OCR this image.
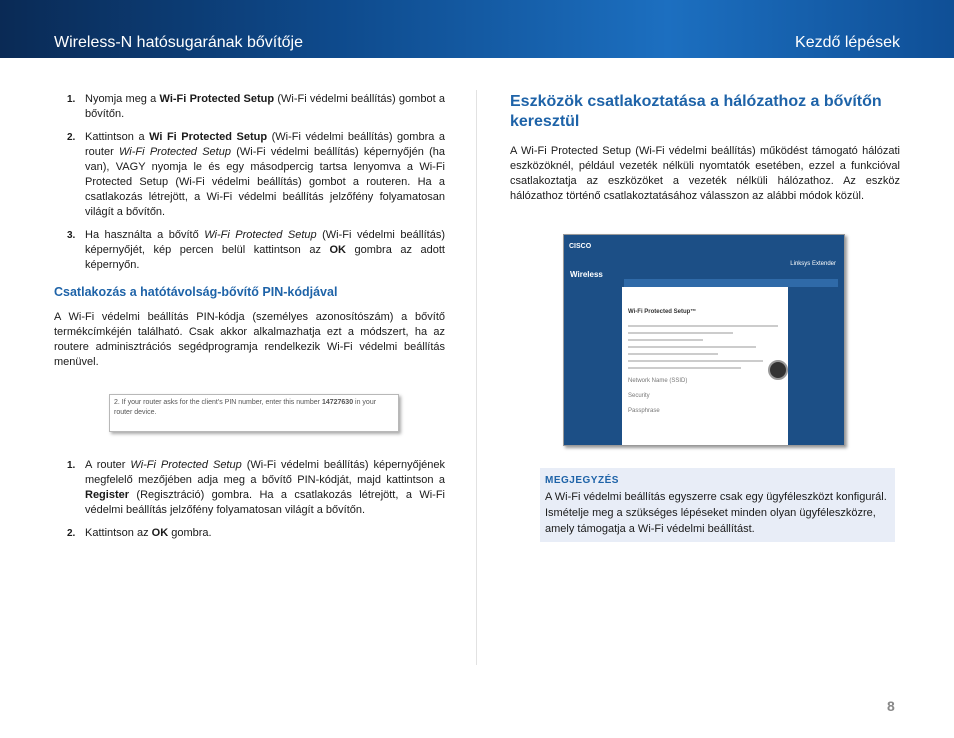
Wireless-N hatósugarának bővítője	Kezdő lépések
1. Nyomja meg a Wi-Fi Protected Setup (Wi-Fi védelmi beállítás) gombot a bővítőn.
2. Kattintson a Wi Fi Protected Setup (Wi-Fi védelmi beállítás) gombra a router Wi-Fi Protected Setup (Wi-Fi védelmi beállítás) képernyőjén (ha van), VAGY nyomja le és egy másodpercig tartsa lenyomva a Wi-Fi Protected Setup (Wi-Fi védelmi beállítás) gombot a routeren. Ha a csatlakozás létrejött, a Wi-Fi védelmi beállítás jelzőfény folyamatosan világít a bővítőn.
3. Ha használta a bővítő Wi-Fi Protected Setup (Wi-Fi védelmi beállítás) képernyőjét, kép percen belül kattintson az OK gombra az adott képernyőn.
Csatlakozás a hatótávolság-bővítő PIN-kódjával

A Wi-Fi védelmi beállítás PIN-kódja (személyes azonosítószám) a bővítő termékcímkéjén található. Csak akkor alkalmazhatja ezt a módszert, ha az routere adminisztrációs segédprogramja rendelkezik Wi-Fi védelmi beállítás menüvel.

2. If your router asks for the client's PIN number, enter this number 14727630 in your router device.
1. A router Wi-Fi Protected Setup (Wi-Fi védelmi beállítás) képernyőjének megfelelő mezőjében adja meg a bővítő PIN-kódját, majd kattintson a Register (Regisztráció) gombra. Ha a csatlakozás létrejött, a Wi-Fi védelmi beállítás jelzőfény folyamatosan világít a bővítőn.
2. Kattintson az OK gombra.
Eszközök csatlakoztatása a hálózathoz a bővítőn keresztül

A Wi-Fi Protected Setup (Wi-Fi védelmi beállítás) működést támogató hálózati eszközöknél, például vezeték nélküli nyomtatók esetében, ezzel a funkcióval csatlakoztatja az eszközöket a vezeték nélküli hálózathoz. Az eszköz hálózathoz történő csatlakoztatásához válasszon az alábbi módok közül.

CISCO
Linksys Extender
Wireless
Wi-Fi Protected Setup™
Network Name (SSID)
Security
Passphrase
MEGJEGYZÉS
A Wi-Fi védelmi beállítás egyszerre csak egy ügyféleszközt konfigurál. Ismételje meg a szükséges lépéseket minden olyan ügyféleszközre, amely támogatja a Wi-Fi védelmi beállítást.
8
